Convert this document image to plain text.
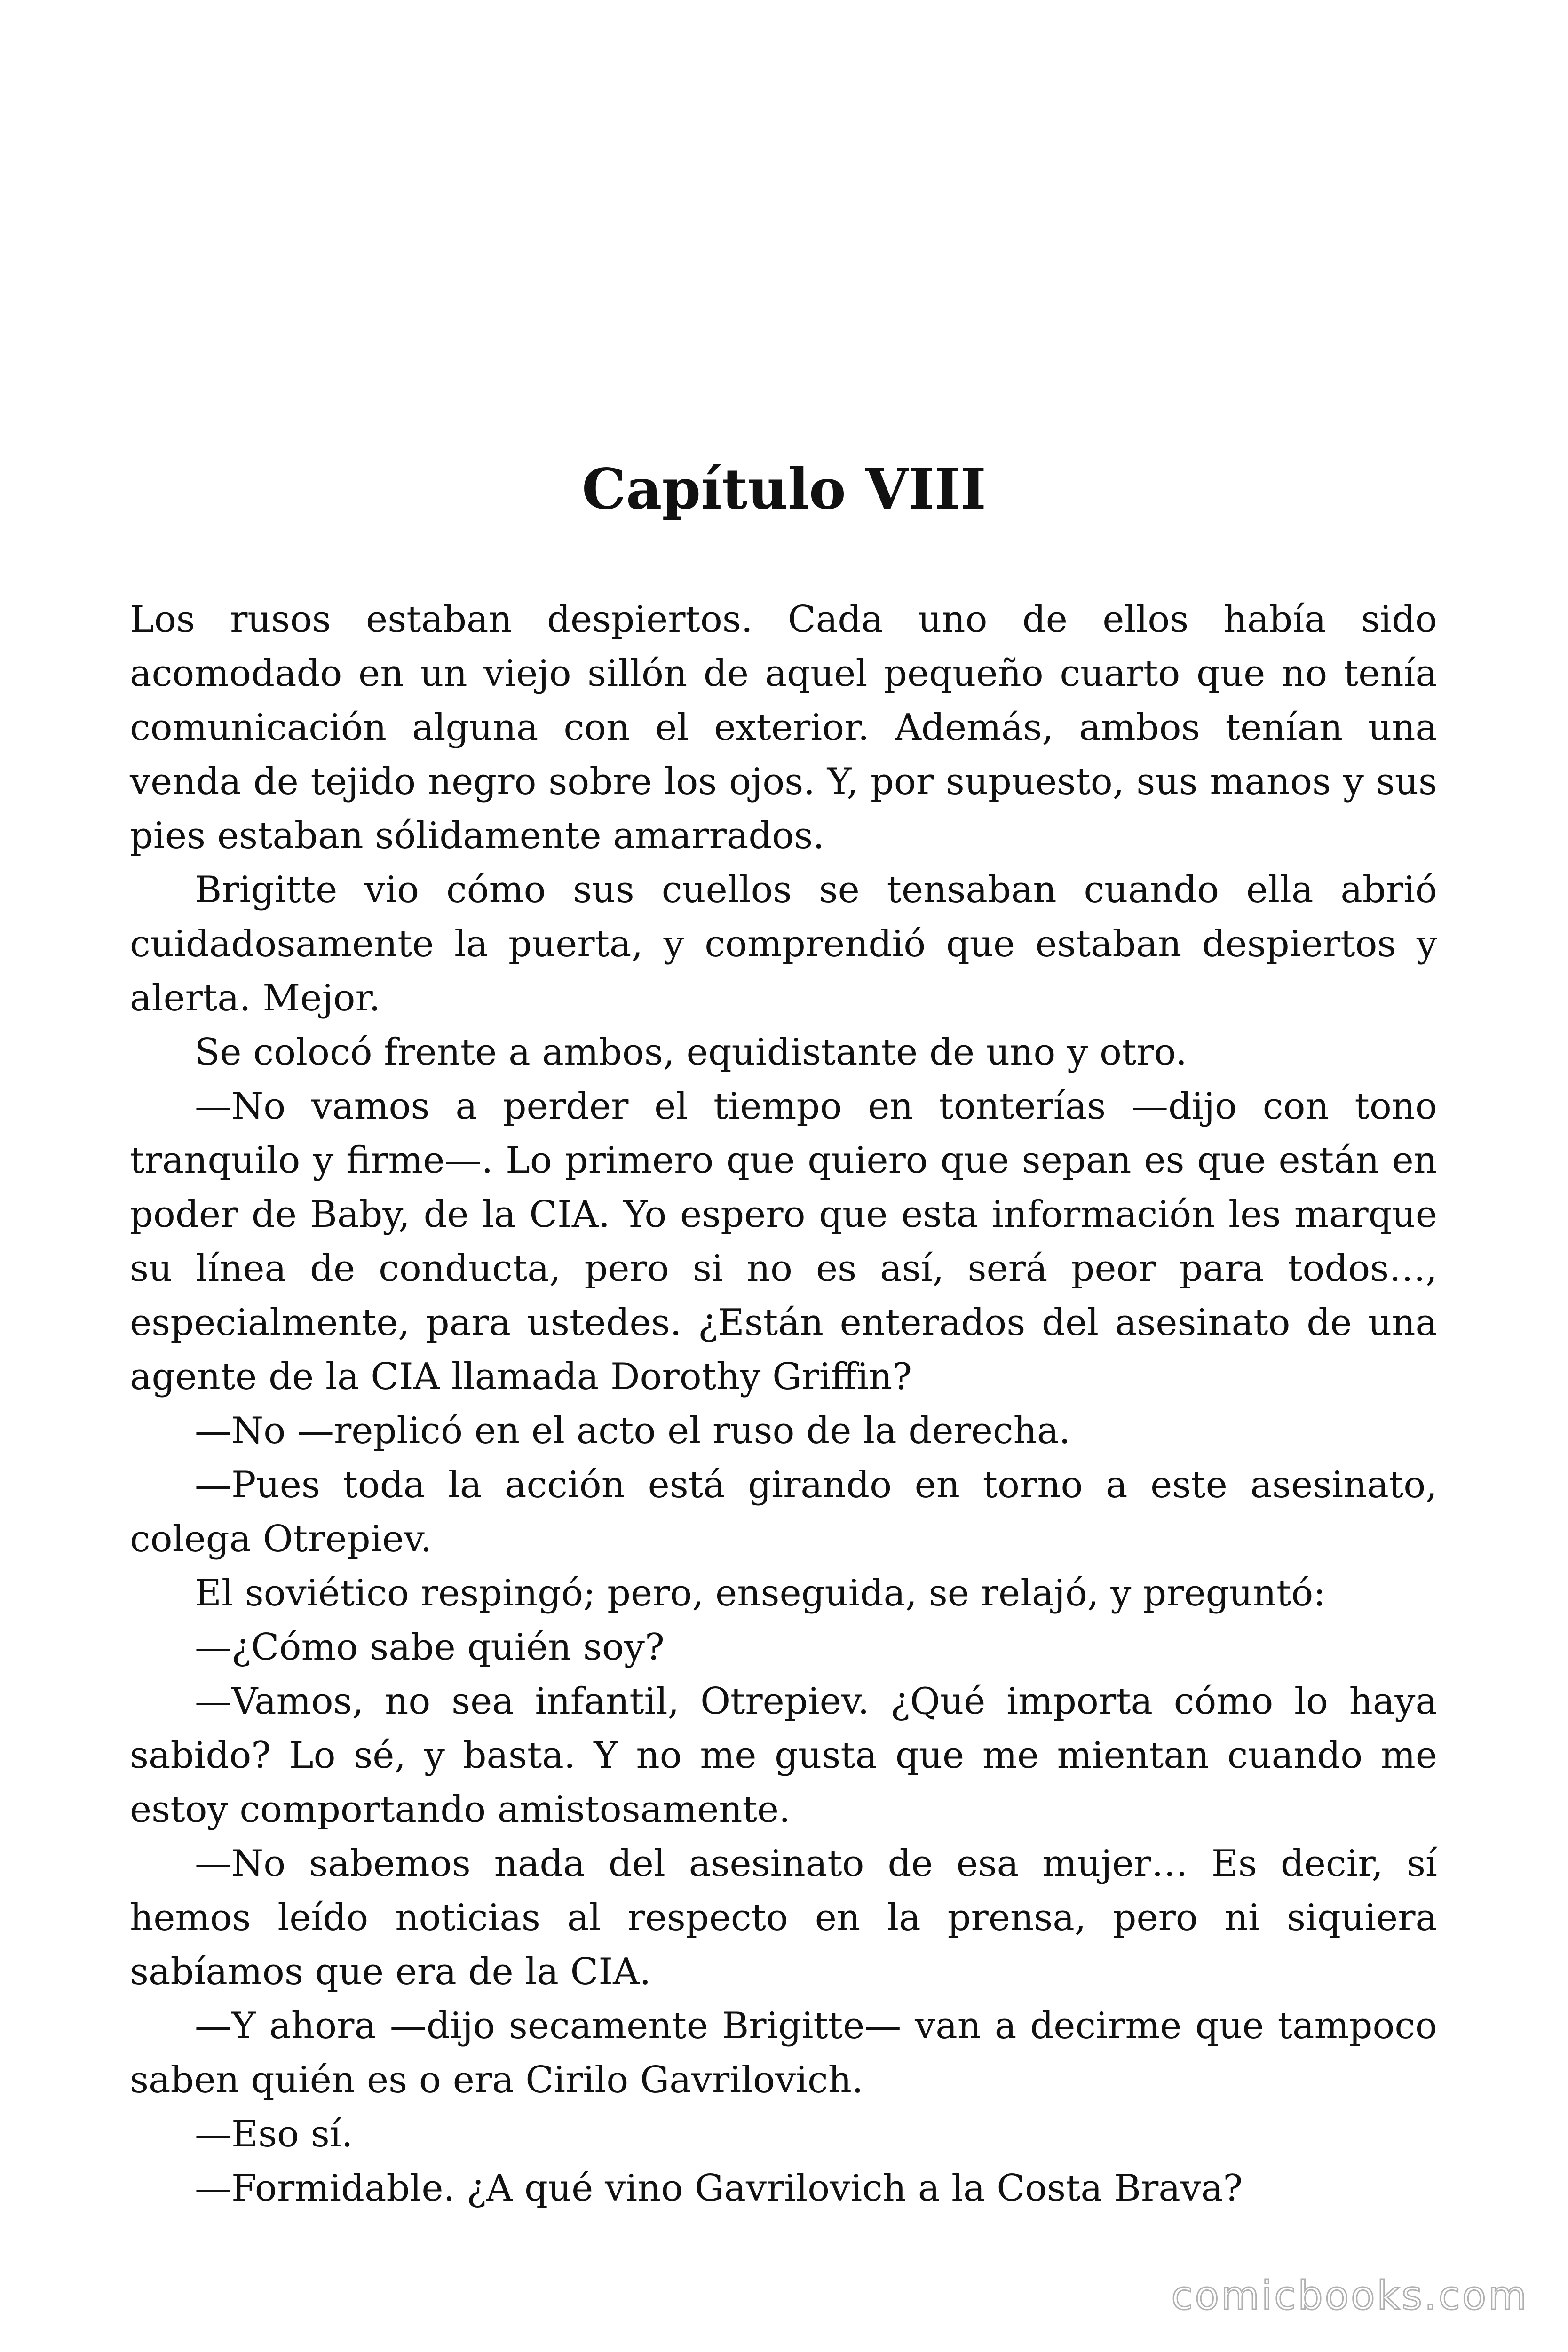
Capítulo VIII

Los rusos estaban despiertos. Cada uno de ellos había sido acomodado en un viejo sillón de aquel pequeño cuarto que no tenía comunicación alguna con el exterior. Además, ambos tenían una venda de tejido negro sobre los ojos. Y, por supuesto, sus manos y sus pies estaban sólidamente amarrados.

Brigitte vio cómo sus cuellos se tensaban cuando ella abrió cuidadosamente la puerta, y comprendió que estaban despiertos y alerta. Mejor.

Se colocó frente a ambos, equidistante de uno y otro.

—No vamos a perder el tiempo en tonterías —dijo con tono tranquilo y firme—. Lo primero que quiero que sepan es que están en poder de Baby, de la CIA. Yo espero que esta información les marque su línea de conducta, pero si no es así, será peor para todos…, especialmente, para ustedes. ¿Están enterados del asesinato de una agente de la CIA llamada Dorothy Griffin?

—No —replicó en el acto el ruso de la derecha.

—Pues toda la acción está girando en torno a este asesinato, colega Otrepiev.

El soviético respingó; pero, enseguida, se relajó, y preguntó:

—¿Cómo sabe quién soy?

—Vamos, no sea infantil, Otrepiev. ¿Qué importa cómo lo haya sabido? Lo sé, y basta. Y no me gusta que me mientan cuando me estoy comportando amistosamente.

—No sabemos nada del asesinato de esa mujer… Es decir, sí hemos leído noticias al respecto en la prensa, pero ni siquiera sabíamos que era de la CIA.

—Y ahora —dijo secamente Brigitte— van a decirme que tampoco saben quién es o era Cirilo Gavrilovich.

—Eso sí.

—Formidable. ¿A qué vino Gavrilovich a la Costa Brava?

comicbooks.com
